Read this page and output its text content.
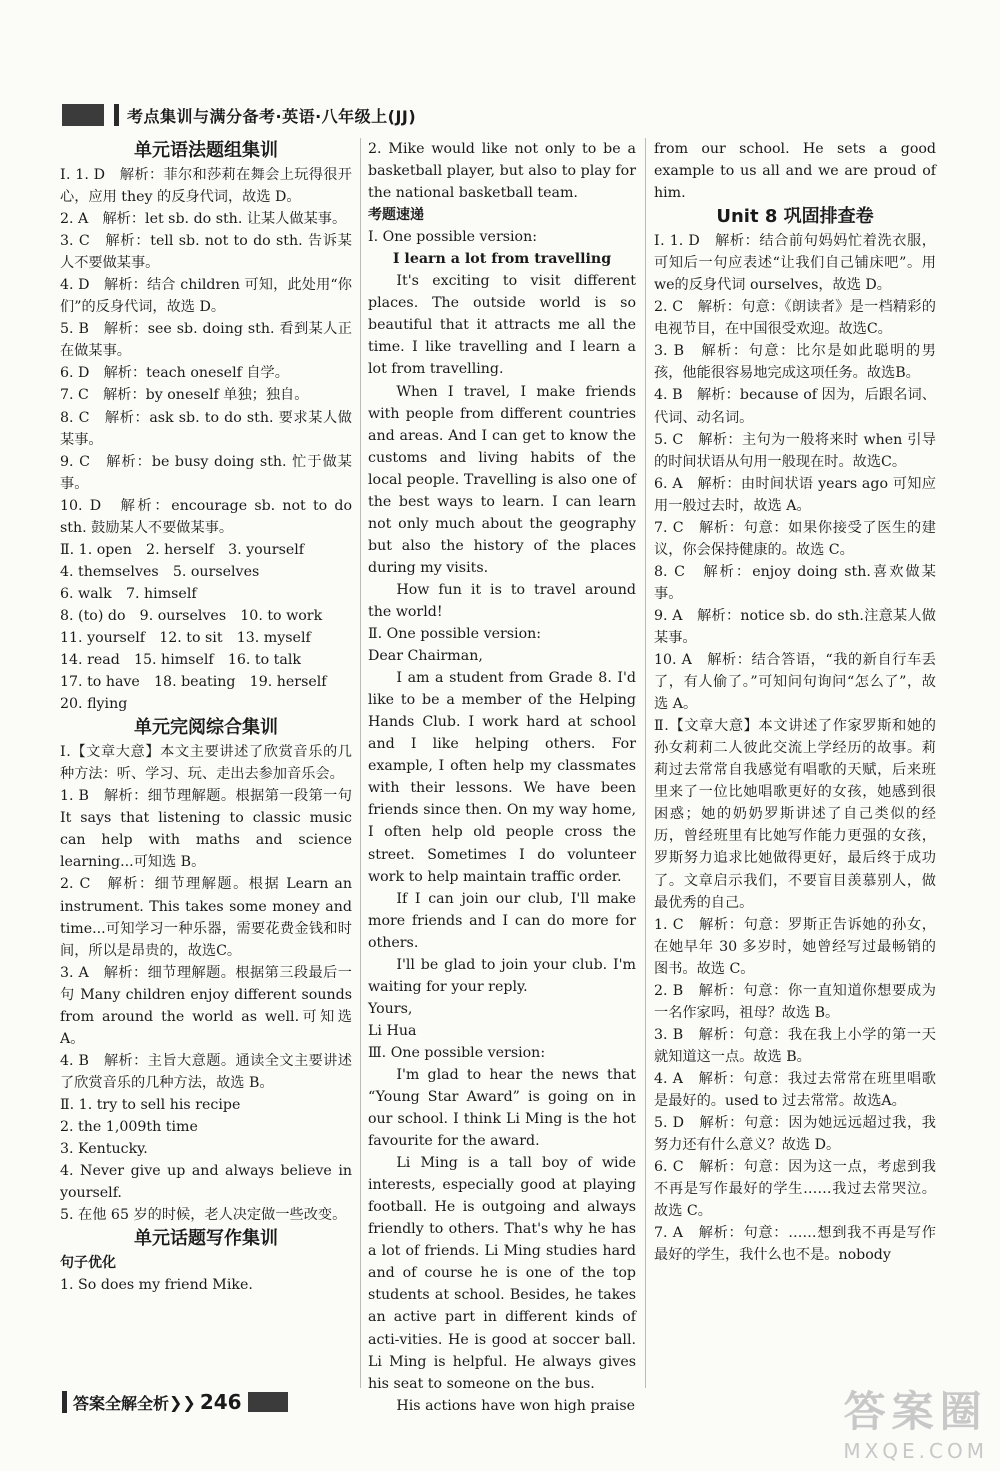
考点集训与满分备考·英语·八年级上(JJ)

单元语法题组集训

Ⅰ. 1. D　解析：菲尔和莎莉在舞会上玩得很开心，应用 they 的反身代词，故选 D。

2. A　解析：let sb. do sth. 让某人做某事。

3. C　解析：tell sb. not to do sth. 告诉某人不要做某事。

4. D　解析：结合 children 可知，此处用“你们”的反身代词，故选 D。

5. B　解析：see sb. doing sth. 看到某人正在做某事。

6. D　解析：teach oneself 自学。

7. C　解析：by oneself 单独；独自。

8. C　解析：ask sb. to do sth. 要求某人做某事。

9. C　解析：be busy doing sth. 忙于做某事。

10. D　解析：encourage sb. not to do sth. 鼓励某人不要做某事。

Ⅱ. 1. open　2. herself　3. yourself

4. themselves　5. ourselves

6. walk　7. himself

8. (to) do　9. ourselves　10. to work

11. yourself　12. to sit　13. myself

14. read　15. himself　16. to talk

17. to have　18. beating　19. herself

20. flying

单元完阅综合集训

Ⅰ.【文章大意】本文主要讲述了欣赏音乐的几种方法：听、学习、玩、走出去参加音乐会。

1. B　解析：细节理解题。根据第一段第一句 It says that listening to classic music can help with maths and science learning...可知选 B。

2. C　解析：细节理解题。根据 Learn an instrument. This takes some money and time...可知学习一种乐器，需要花费金钱和时间，所以是昂贵的，故选C。

3. A　解析：细节理解题。根据第三段最后一句 Many children enjoy different sounds from around the world as well.可知选 A。

4. B　解析：主旨大意题。通读全文主要讲述了欣赏音乐的几种方法，故选 B。

Ⅱ. 1. try to sell his recipe

2. the 1,009th time

3. Kentucky.

4. Never give up and always believe in yourself.

5. 在他 65 岁的时候，老人决定做一些改变。

单元话题写作集训

句子优化

1. So does my friend Mike.

2. Mike would like not only to be a basketball player, but also to play for the national basketball team.

考题速递

Ⅰ. One possible version:

I learn a lot from travelling

It's exciting to visit different places. The outside world is so beautiful that it attracts me all the time. I like travelling and I learn a lot from travelling.

When I travel, I make friends with people from different countries and areas. And I can get to know the customs and living habits of the local people. Travelling is also one of the best ways to learn. I can learn not only much about the geography but also the history of the places during my visits.

How fun it is to travel around the world!

Ⅱ. One possible version:

Dear Chairman,

I am a student from Grade 8. I'd like to be a member of the Helping Hands Club. I work hard at school and I like helping others. For example, I often help my classmates with their lessons. We have been friends since then. On my way home, I often help old people cross the street. Sometimes I do volunteer work to help maintain traffic order.

If I can join our club, I'll make more friends and I can do more for others.

I'll be glad to join your club. I'm waiting for your reply.

Yours,

Li Hua

Ⅲ. One possible version:

I'm glad to hear the news that “Young Star Award” is going on in our school. I think Li Ming is the hot favourite for the award.

Li Ming is a tall boy of wide interests, especially good at playing football. He is outgoing and always friendly to others. That's why he has a lot of friends. Li Ming studies hard and of course he is one of the top students at school. Besides, he takes an active part in different kinds of acti-vities. He is good at soccer ball. Li Ming is helpful. He always gives his seat to someone on the bus.

His actions have won high praise

from our school. He sets a good example to us all and we are proud of him.

Unit 8 巩固排查卷

Ⅰ. 1. D　解析：结合前句妈妈忙着洗衣服，可知后一句应表述“让我们自己铺床吧”。用 we的反身代词 ourselves，故选 D。

2. C　解析：句意：《朗读者》是一档精彩的电视节目，在中国很受欢迎。故选C。

3. B　解析：句意：比尔是如此聪明的男孩，他能很容易地完成这项任务。故选B。

4. B　解析：because of 因为，后跟名词、代词、动名词。

5. C　解析：主句为一般将来时 when 引导的时间状语从句用一般现在时。故选C。

6. A　解析：由时间状语 years ago 可知应用一般过去时，故选 A。

7. C　解析：句意：如果你接受了医生的建议，你会保持健康的。故选 C。

8. C　解析：enjoy doing sth.喜欢做某事。

9. A　解析：notice sb. do sth.注意某人做某事。

10. A　解析：结合答语，“我的新自行车丢了，有人偷了。”可知问句询问“怎么了”，故选 A。

Ⅱ.【文章大意】本文讲述了作家罗斯和她的孙女莉莉二人彼此交流上学经历的故事。莉莉过去常常自我感觉有唱歌的天赋，后来班里来了一位比她唱歌更好的女孩，她感到很困惑；她的奶奶罗斯讲述了自己类似的经历，曾经班里有比她写作能力更强的女孩，罗斯努力追求比她做得更好，最后终于成功了。文章启示我们，不要盲目羡慕别人，做最优秀的自己。

1. C　解析：句意：罗斯正告诉她的孙女，在她早年 30 多岁时，她曾经写过最畅销的图书。故选 C。

2. B　解析：句意：你一直知道你想要成为一名作家吗，祖母？故选 B。

3. B　解析：句意：我在我上小学的第一天就知道这一点。故选 B。

4. A　解析：句意：我过去常常在班里唱歌是最好的。used to 过去常常。故选A。

5. D　解析：句意：因为她远远超过我，我努力还有什么意义？故选 D。

6. C　解析：句意：因为这一点，考虑到我不再是写作最好的学生……我过去常哭泣。故选 C。

7. A　解析：句意：……想到我不再是写作最好的学生，我什么也不是。nobody

答案全解全析 ❯❯ 246	答案圈
MXQE.COM
